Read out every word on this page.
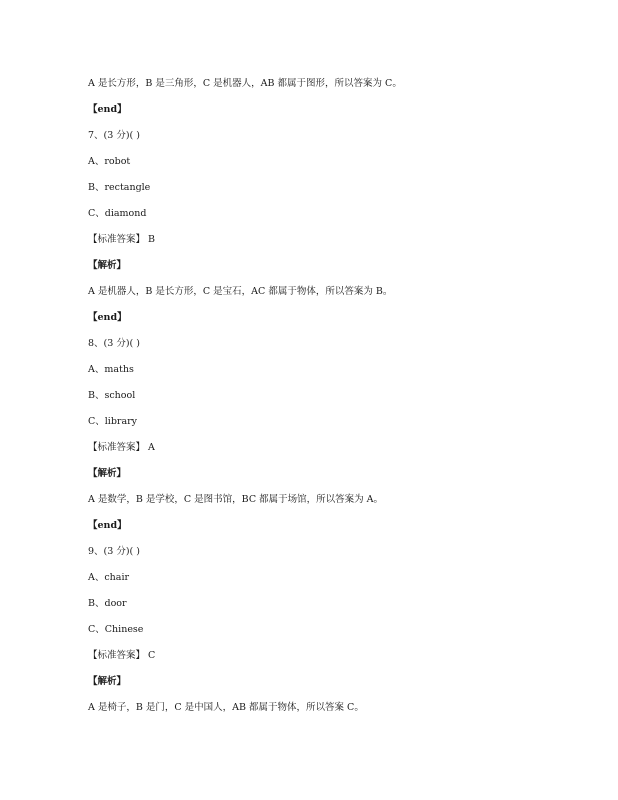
A 是长方形，B 是三角形，C 是机器人，AB 都属于图形，所以答案为 C。
【end】
7、(3 分)( )
A、robot
B、rectangle
C、diamond
【标准答案】 B
【解析】
A 是机器人，B 是长方形，C 是宝石，AC 都属于物体，所以答案为 B。
【end】
8、(3 分)( )
A、maths
B、school
C、library
【标准答案】 A
【解析】
A 是数学，B 是学校，C 是图书馆，BC 都属于场馆，所以答案为 A。
【end】
9、(3 分)( )
A、chair
B、door
C、Chinese
【标准答案】 C
【解析】
A 是椅子，B 是门，C 是中国人，AB 都属于物体，所以答案 C。
